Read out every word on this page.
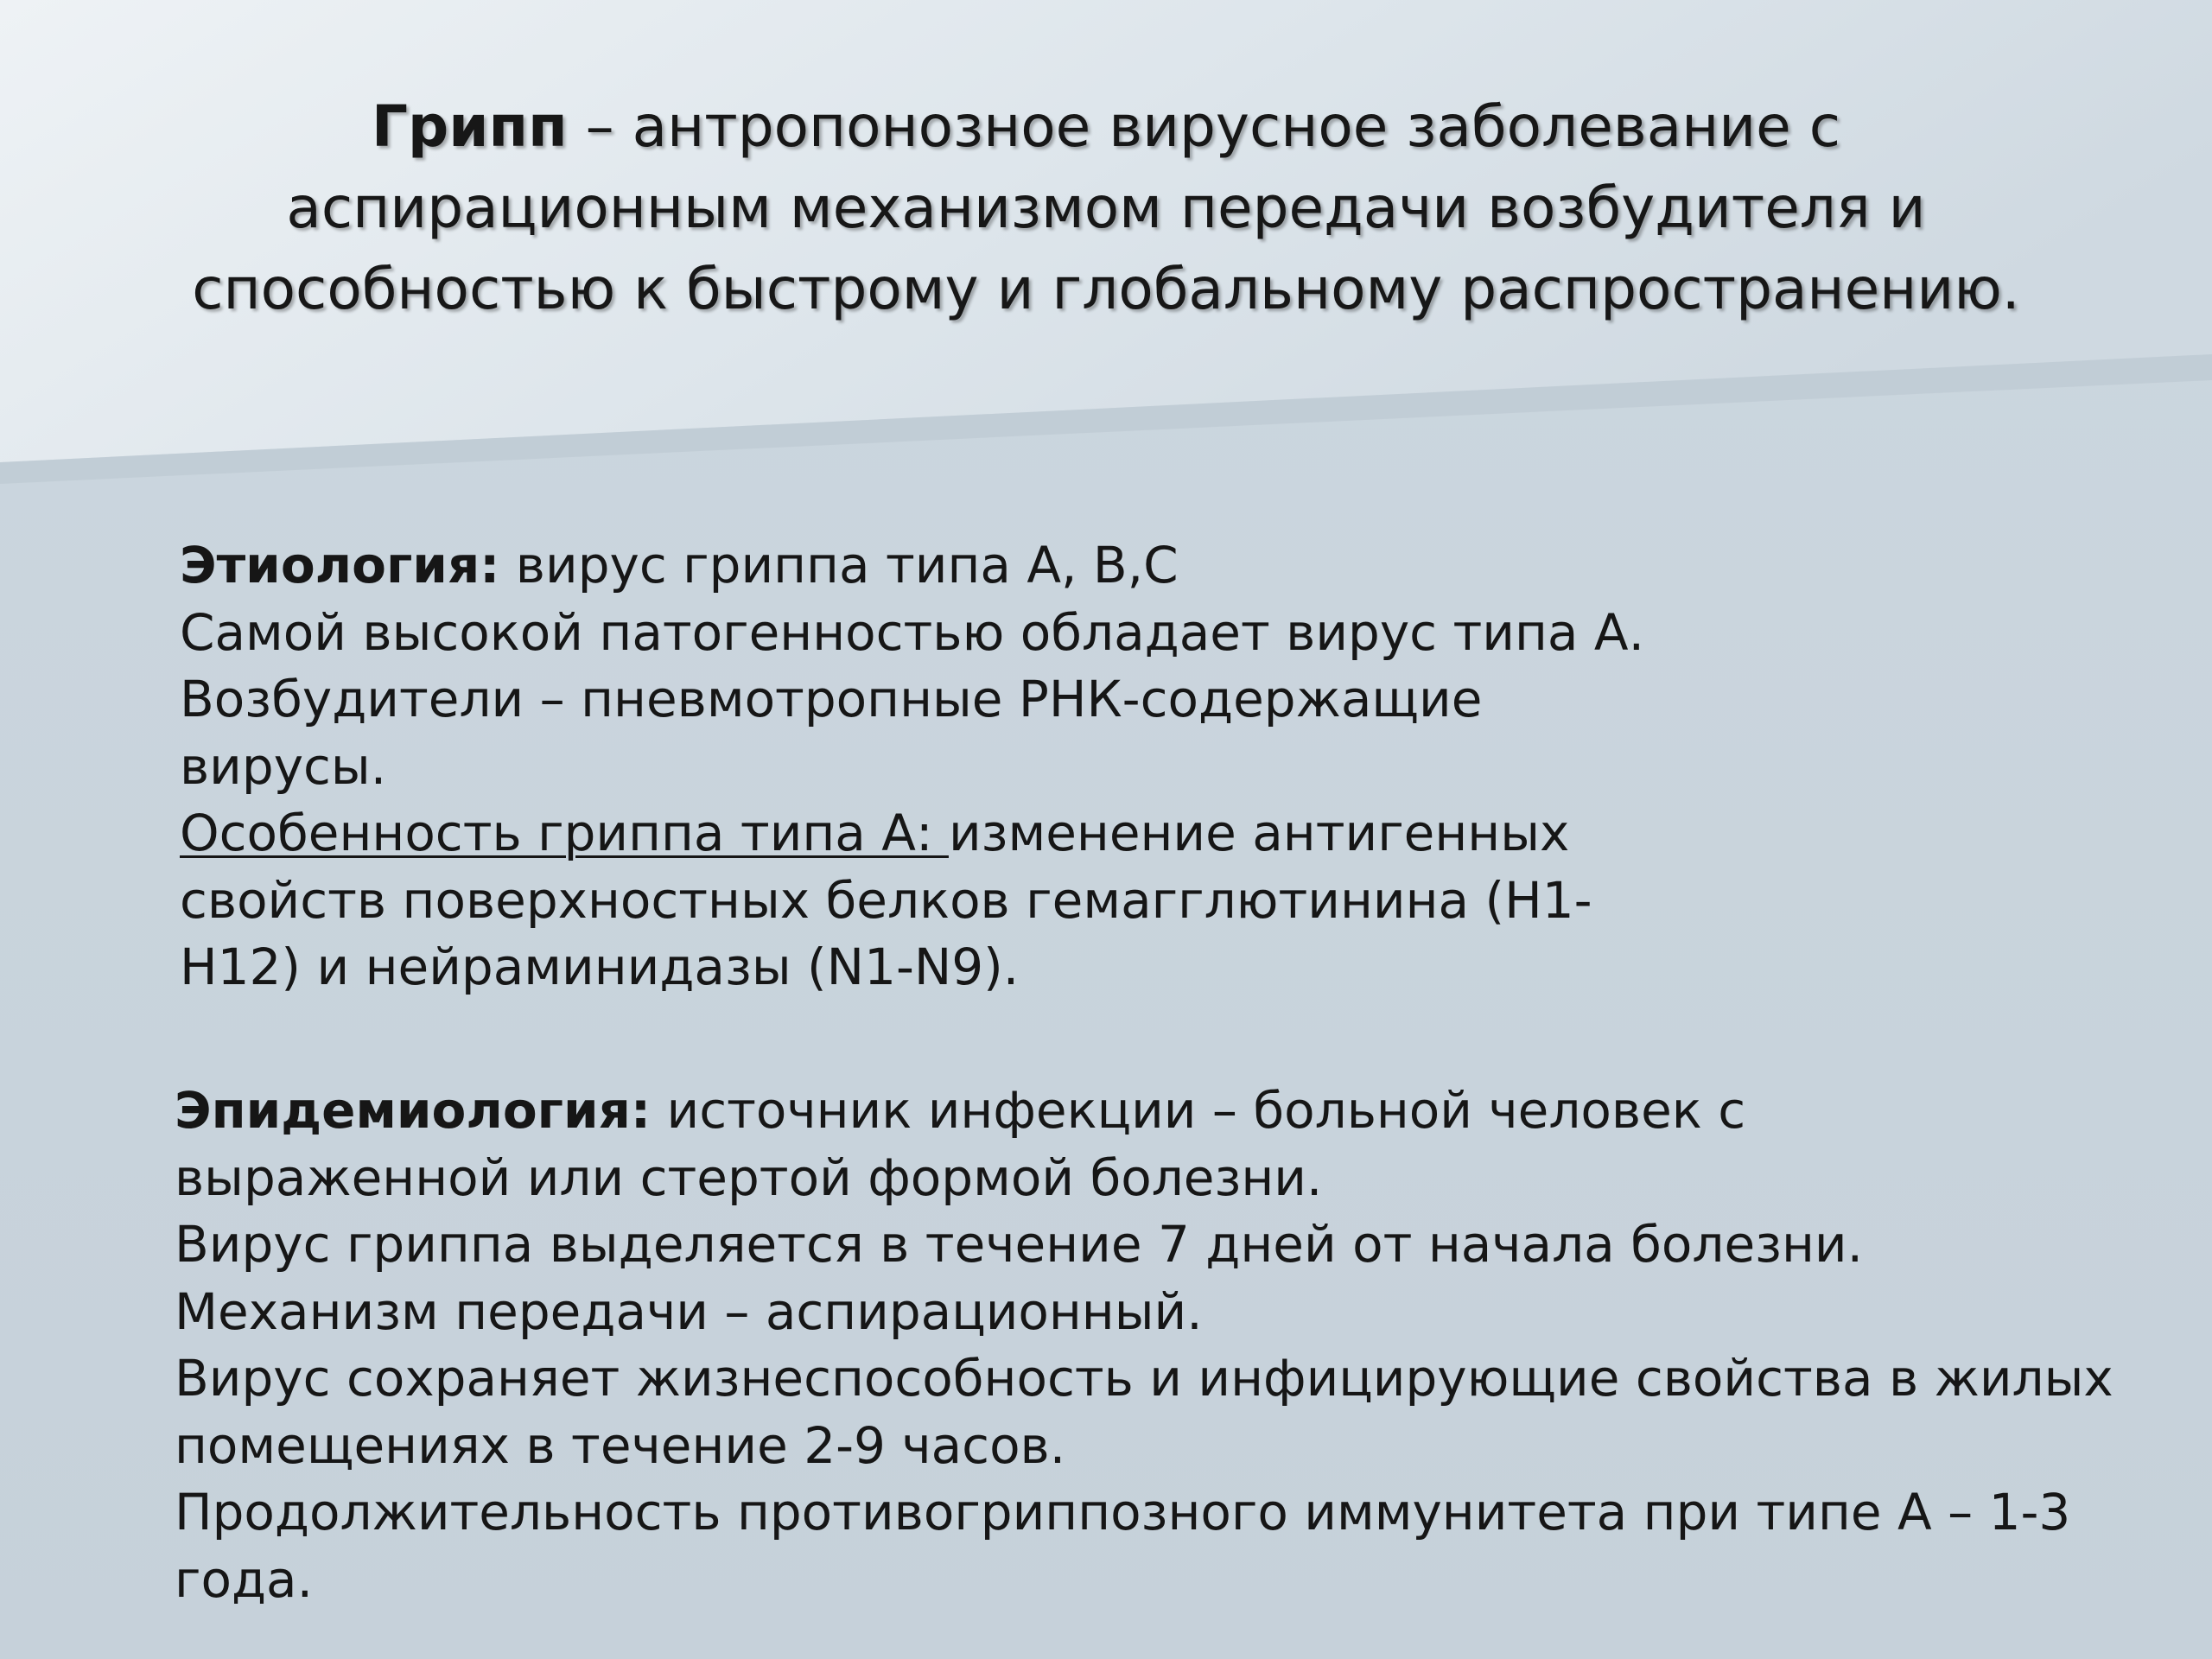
Грипп – антропонозное вирусное заболевание с
аспирационным механизмом передачи возбудителя и
способностью к быстрому и глобальному распространению.
Этиология: вирус гриппа типа А, В,С
Самой высокой патогенностью обладает вирус типа А.
Возбудители – пневмотропные РНК-содержащие
вирусы.
Особенность гриппа типа А: изменение антигенных
свойств поверхностных белков гемагглютинина (Н1-
Н12) и нейраминидазы (N1-N9).
Эпидемиология: источник инфекции – больной человек с
выраженной или стертой формой болезни.
Вирус гриппа выделяется в течение 7 дней от начала болезни.
Механизм передачи – аспирационный.
Вирус сохраняет жизнеспособность и инфицирующие свойства в жилых
помещениях в течение 2-9 часов.
Продолжительность противогриппозного иммунитета при типе А – 1-3
года.
